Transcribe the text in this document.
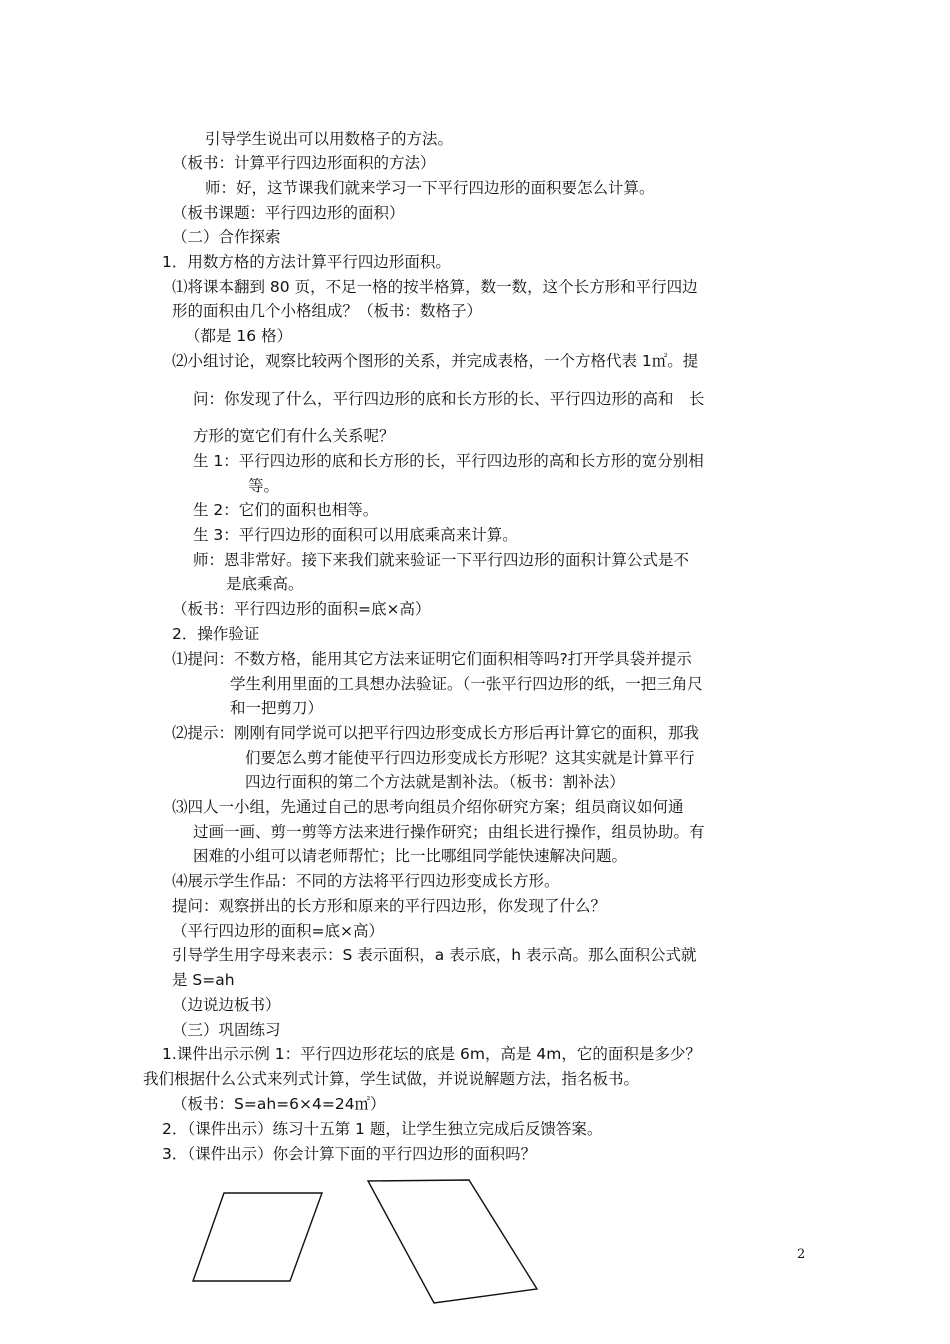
引导学生说出可以用数格子的方法。
（板书：计算平行四边形面积的方法）
师：好，这节课我们就来学习一下平行四边形的面积要怎么计算。
（板书课题：平行四边形的面积）
（二）合作探索
1．用数方格的方法计算平行四边形面积。
⑴将课本翻到 80 页，不足一格的按半格算，数一数，这个长方形和平行四边
形的面积由几个小格组成？（板书：数格子）
（都是 16 格）
⑵小组讨论，观察比较两个图形的关系，并完成表格，一个方格代表 1㎡。提
问：你发现了什么，平行四边形的底和长方形的长、平行四边形的高和　长
方形的宽它们有什么关系呢？
生 1：平行四边形的底和长方形的长，平行四边形的高和长方形的宽分别相
等。
生 2：它们的面积也相等。
生 3：平行四边形的面积可以用底乘高来计算。
师：恩非常好。接下来我们就来验证一下平行四边形的面积计算公式是不
是底乘高。
（板书：平行四边形的面积=底×高）
2．操作验证
⑴提问：不数方格，能用其它方法来证明它们面积相等吗?打开学具袋并提示
学生利用里面的工具想办法验证。（一张平行四边形的纸，一把三角尺
和一把剪刀）
⑵提示：刚刚有同学说可以把平行四边形变成长方形后再计算它的面积，那我
们要怎么剪才能使平行四边形变成长方形呢？这其实就是计算平行
四边行面积的第二个方法就是割补法。（板书：割补法）
⑶四人一小组，先通过自己的思考向组员介绍你研究方案；组员商议如何通
过画一画、剪一剪等方法来进行操作研究；由组长进行操作，组员协助。有
困难的小组可以请老师帮忙；比一比哪组同学能快速解决问题。
⑷展示学生作品：不同的方法将平行四边形变成长方形。
提问：观察拼出的长方形和原来的平行四边形，你发现了什么？
（平行四边形的面积=底×高）
引导学生用字母来表示：S 表示面积，a 表示底，h 表示高。那么面积公式就
是 S=ah
（边说边板书）
（三）巩固练习
1.课件出示示例 1：平行四边形花坛的底是 6m，高是 4m，它的面积是多少？
我们根据什么公式来列式计算，学生试做，并说说解题方法，指名板书。
（板书：S=ah=6×4=24㎡）
2．（课件出示）练习十五第 1 题，让学生独立完成后反馈答案。
3．（课件出示）你会计算下面的平行四边形的面积吗？
2
